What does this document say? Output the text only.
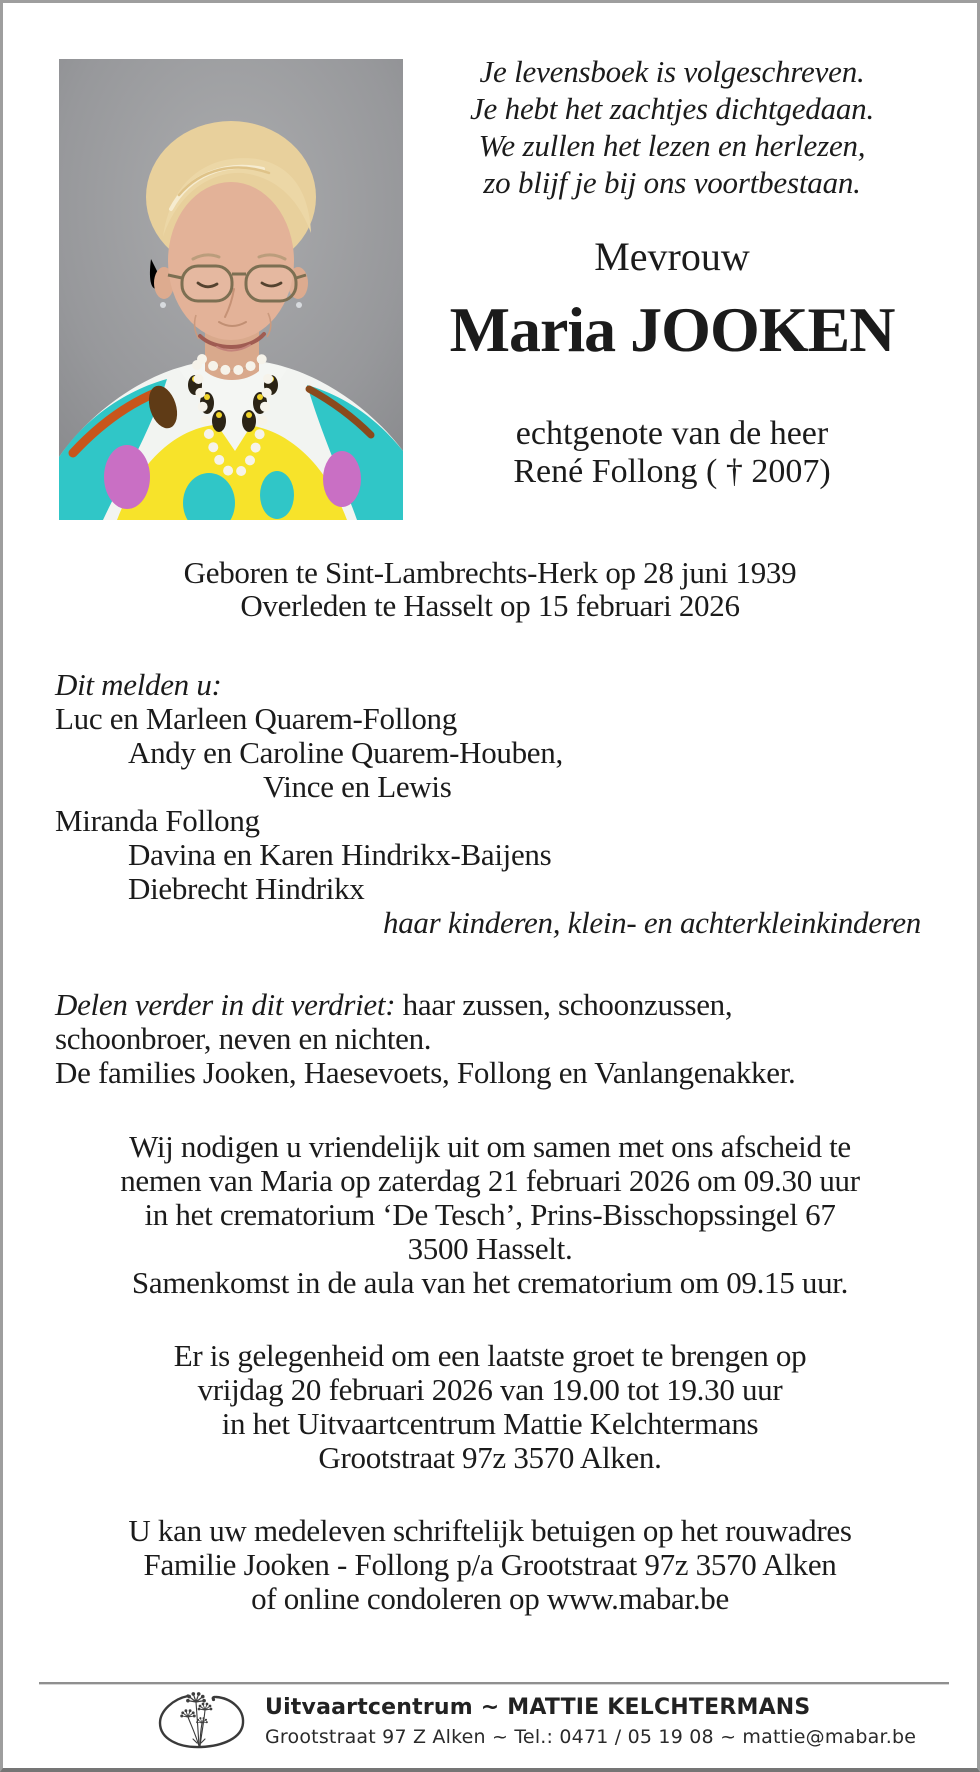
Je levensboek is volgeschreven.
Je hebt het zachtjes dichtgedaan.
We zullen het lezen en herlezen,
zo blijf je bij ons voortbestaan.
Mevrouw
Maria JOOKEN
echtgenote van de heer
René Follong ( † 2007)
Geboren te Sint-Lambrechts-Herk op 28 juni 1939
Overleden te Hasselt op 15 februari 2026
Dit melden u:
Luc en Marleen Quarem-Follong
Andy en Caroline Quarem-Houben,
Vince en Lewis
Miranda Follong
Davina en Karen Hindrikx-Baijens
Diebrecht Hindrikx
haar kinderen, klein- en achterkleinkinderen
Delen verder in dit verdriet: haar zussen, schoonzussen,
schoonbroer, neven en nichten.
De families Jooken, Haesevoets, Follong en Vanlangenakker.
Wij nodigen u vriendelijk uit om samen met ons afscheid te
nemen van Maria op zaterdag 21 februari 2026 om 09.30 uur
in het crematorium ‘De Tesch’, Prins-Bisschopssingel 67
3500 Hasselt.
Samenkomst in de aula van het crematorium om 09.15 uur.
Er is gelegenheid om een laatste groet te brengen op
vrijdag 20 februari 2026 van 19.00 tot 19.30 uur
in het Uitvaartcentrum Mattie Kelchtermans
Grootstraat 97z 3570 Alken.
U kan uw medeleven schriftelijk betuigen op het rouwadres
Familie Jooken - Follong p/a Grootstraat 97z 3570 Alken
of online condoleren op www.mabar.be
Uitvaartcentrum ~ MATTIE KELCHTERMANS
Grootstraat 97 Z Alken ~ Tel.: 0471 / 05 19 08 ~ mattie@mabar.be
